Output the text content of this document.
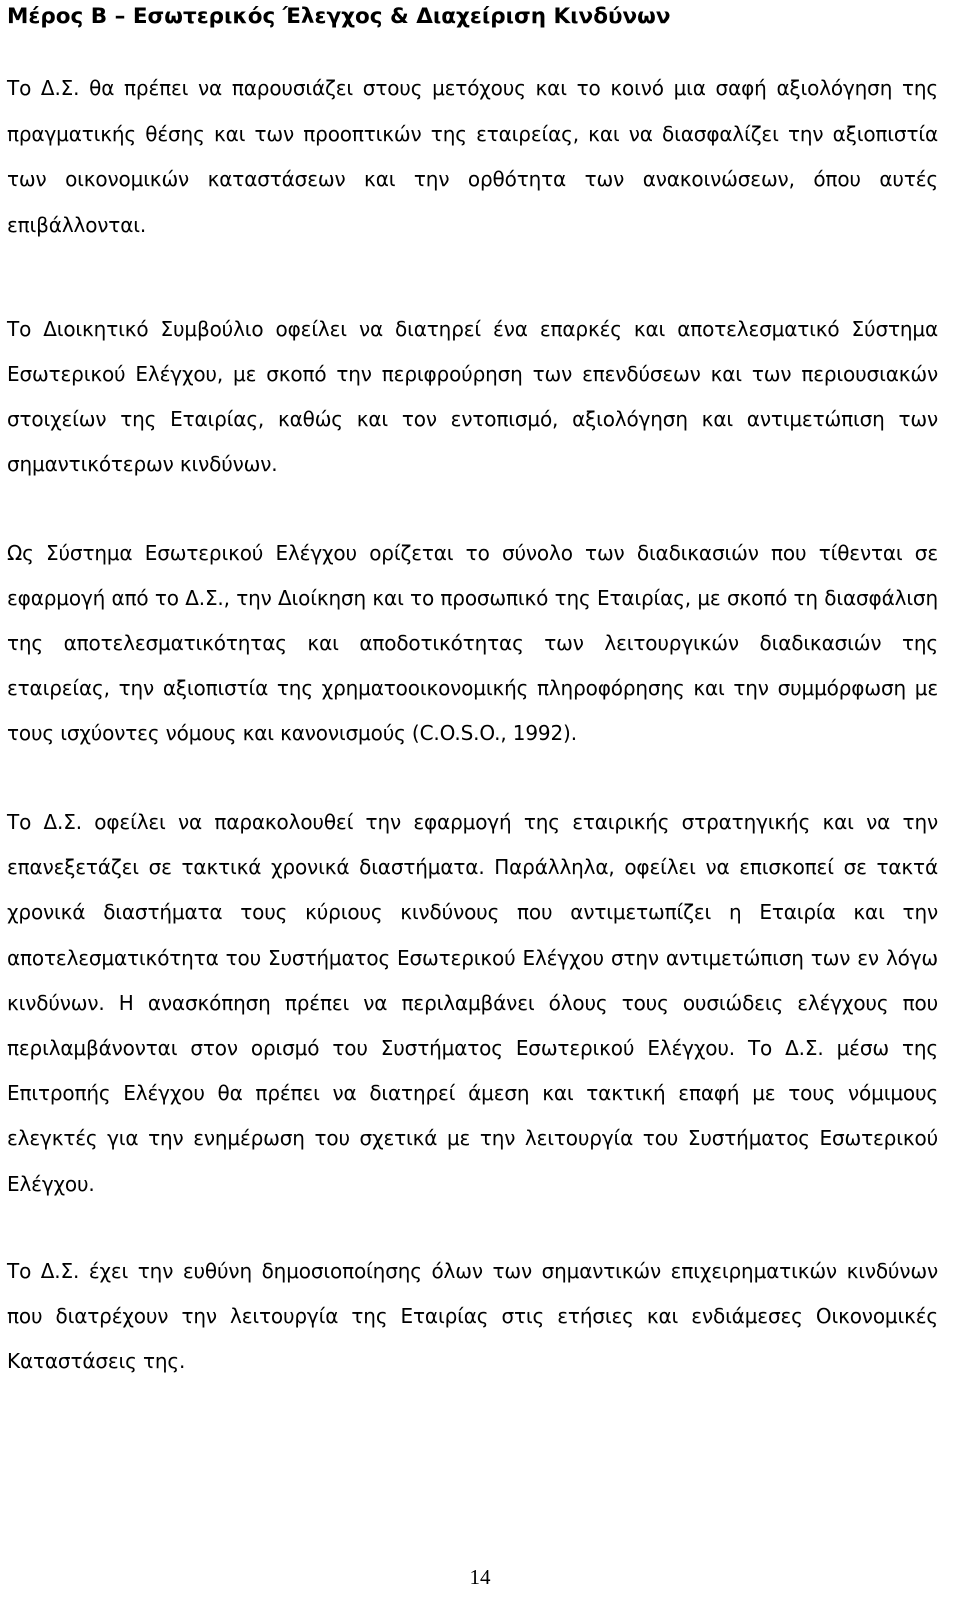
Μέρος Β – Εσωτερικός Έλεγχος & Διαχείριση Κινδύνων

Το Δ.Σ. θα πρέπει να παρουσιάζει στους μετόχους και το κοινό μια σαφή αξιολόγηση της πραγματικής θέσης και των προοπτικών της εταιρείας, και να διασφαλίζει την αξιοπιστία των οικονομικών καταστάσεων και την ορθότητα των ανακοινώσεων, όπου αυτές επιβάλλονται.

Το Διοικητικό Συμβούλιο οφείλει να διατηρεί ένα επαρκές και αποτελεσματικό Σύστημα Εσωτερικού Ελέγχου, με σκοπό την περιφρούρηση των επενδύσεων και των περιουσιακών στοιχείων της Εταιρίας, καθώς και τον εντοπισμό, αξιολόγηση και αντιμετώπιση των σημαντικότερων κινδύνων.

Ως Σύστημα Εσωτερικού Ελέγχου ορίζεται το σύνολο των διαδικασιών που τίθενται σε εφαρμογή από το Δ.Σ., την Διοίκηση και το προσωπικό της Εταιρίας, με σκοπό τη διασφάλιση της αποτελεσματικότητας και αποδοτικότητας των λειτουργικών διαδικασιών της εταιρείας, την αξιοπιστία της χρηματοοικονομικής πληροφόρησης και την συμμόρφωση με τους ισχύοντες νόμους και κανονισμούς (C.O.S.O., 1992).

Το Δ.Σ. οφείλει να παρακολουθεί την εφαρμογή της εταιρικής στρατηγικής και να την επανεξετάζει σε τακτικά χρονικά διαστήματα. Παράλληλα, οφείλει να επισκοπεί σε τακτά χρονικά διαστήματα τους κύριους κινδύνους που αντιμετωπίζει η Εταιρία και την αποτελεσματικότητα του Συστήματος Εσωτερικού Ελέγχου στην αντιμετώπιση των εν λόγω κινδύνων. Η ανασκόπηση πρέπει να περιλαμβάνει όλους τους ουσιώδεις ελέγχους που περιλαμβάνονται στον ορισμό του Συστήματος Εσωτερικού Ελέγχου. Το Δ.Σ. μέσω της Επιτροπής Ελέγχου θα πρέπει να διατηρεί άμεση και τακτική επαφή με τους νόμιμους ελεγκτές για την ενημέρωση του σχετικά με την λειτουργία του Συστήματος Εσωτερικού Ελέγχου.

Το Δ.Σ. έχει την ευθύνη δημοσιοποίησης όλων των σημαντικών επιχειρηματικών κινδύνων που διατρέχουν την λειτουργία της Εταιρίας στις ετήσιες και ενδιάμεσες Οικονομικές Καταστάσεις της.

14
